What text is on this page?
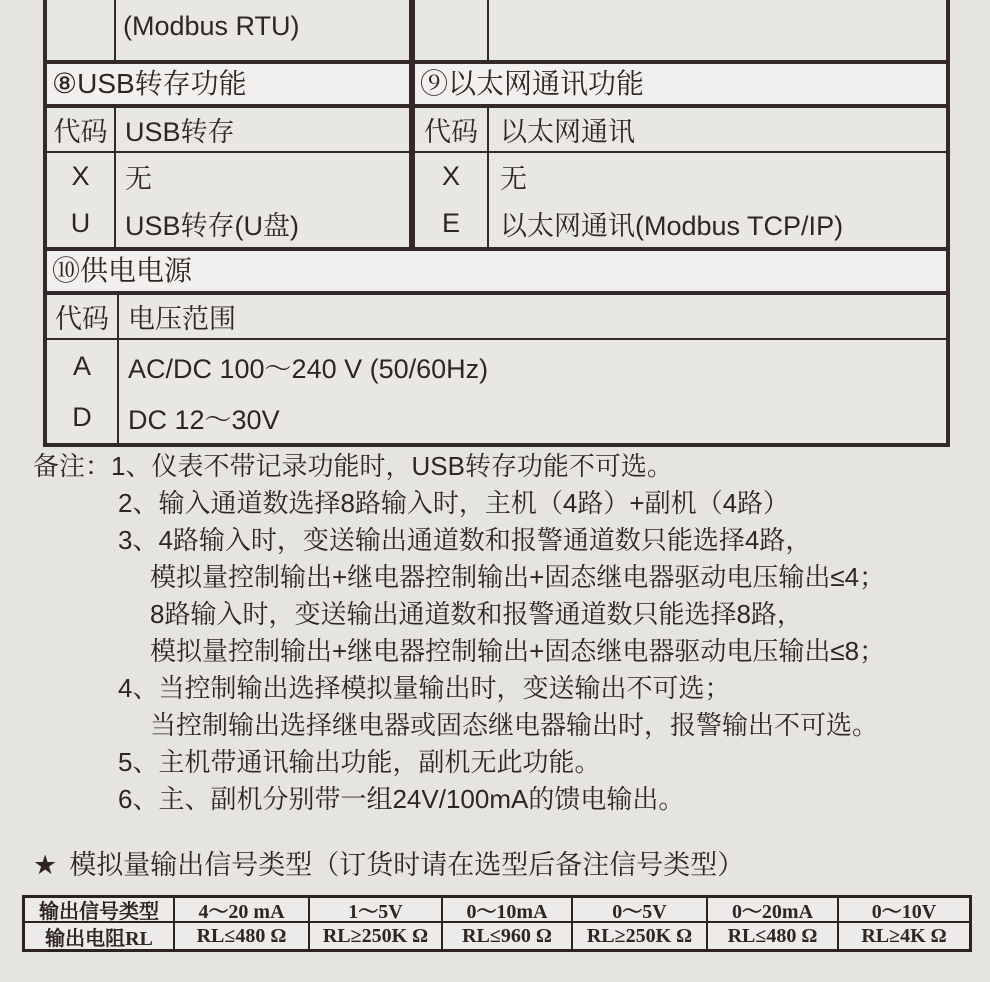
(Modbus RTU)
⑧USB转存功能	⑨以太网通讯功能
代码 USB转存
X	无
U	USB转存(U盘)
代码 以太网通讯
X	无
E	以太网通讯(Modbus TCP/IP)
⑩供电电源
代码 电压范围
A	AC/DC 100～240 V (50/60Hz)
D	DC 12～30V
备注：1、仪表不带记录功能时，USB转存功能不可选。
2、输入通道数选择8路输入时，主机（4路）+副机（4路）
3、4路输入时，变送输出通道数和报警通道数只能选择4路，
模拟量控制输出+继电器控制输出+固态继电器驱动电压输出≤4；
8路输入时，变送输出通道数和报警通道数只能选择8路，
模拟量控制输出+继电器控制输出+固态继电器驱动电压输出≤8；
4、当控制输出选择模拟量输出时，变送输出不可选；
当控制输出选择继电器或固态继电器输出时，报警输出不可选。
5、主机带通讯输出功能，副机无此功能。
6、主、副机分别带一组24V/100mA的馈电输出。
★ 模拟量输出信号类型（订货时请在选型后备注信号类型）
输出信号类型	4～20 mA	1～5V	0～10mA	0～5V	0～20mA	0～10V
输出电阻RL	RL≤480 Ω	RL≥250K Ω	RL≤960 Ω	RL≥250K Ω	RL≤480 Ω	RL≥4K Ω
